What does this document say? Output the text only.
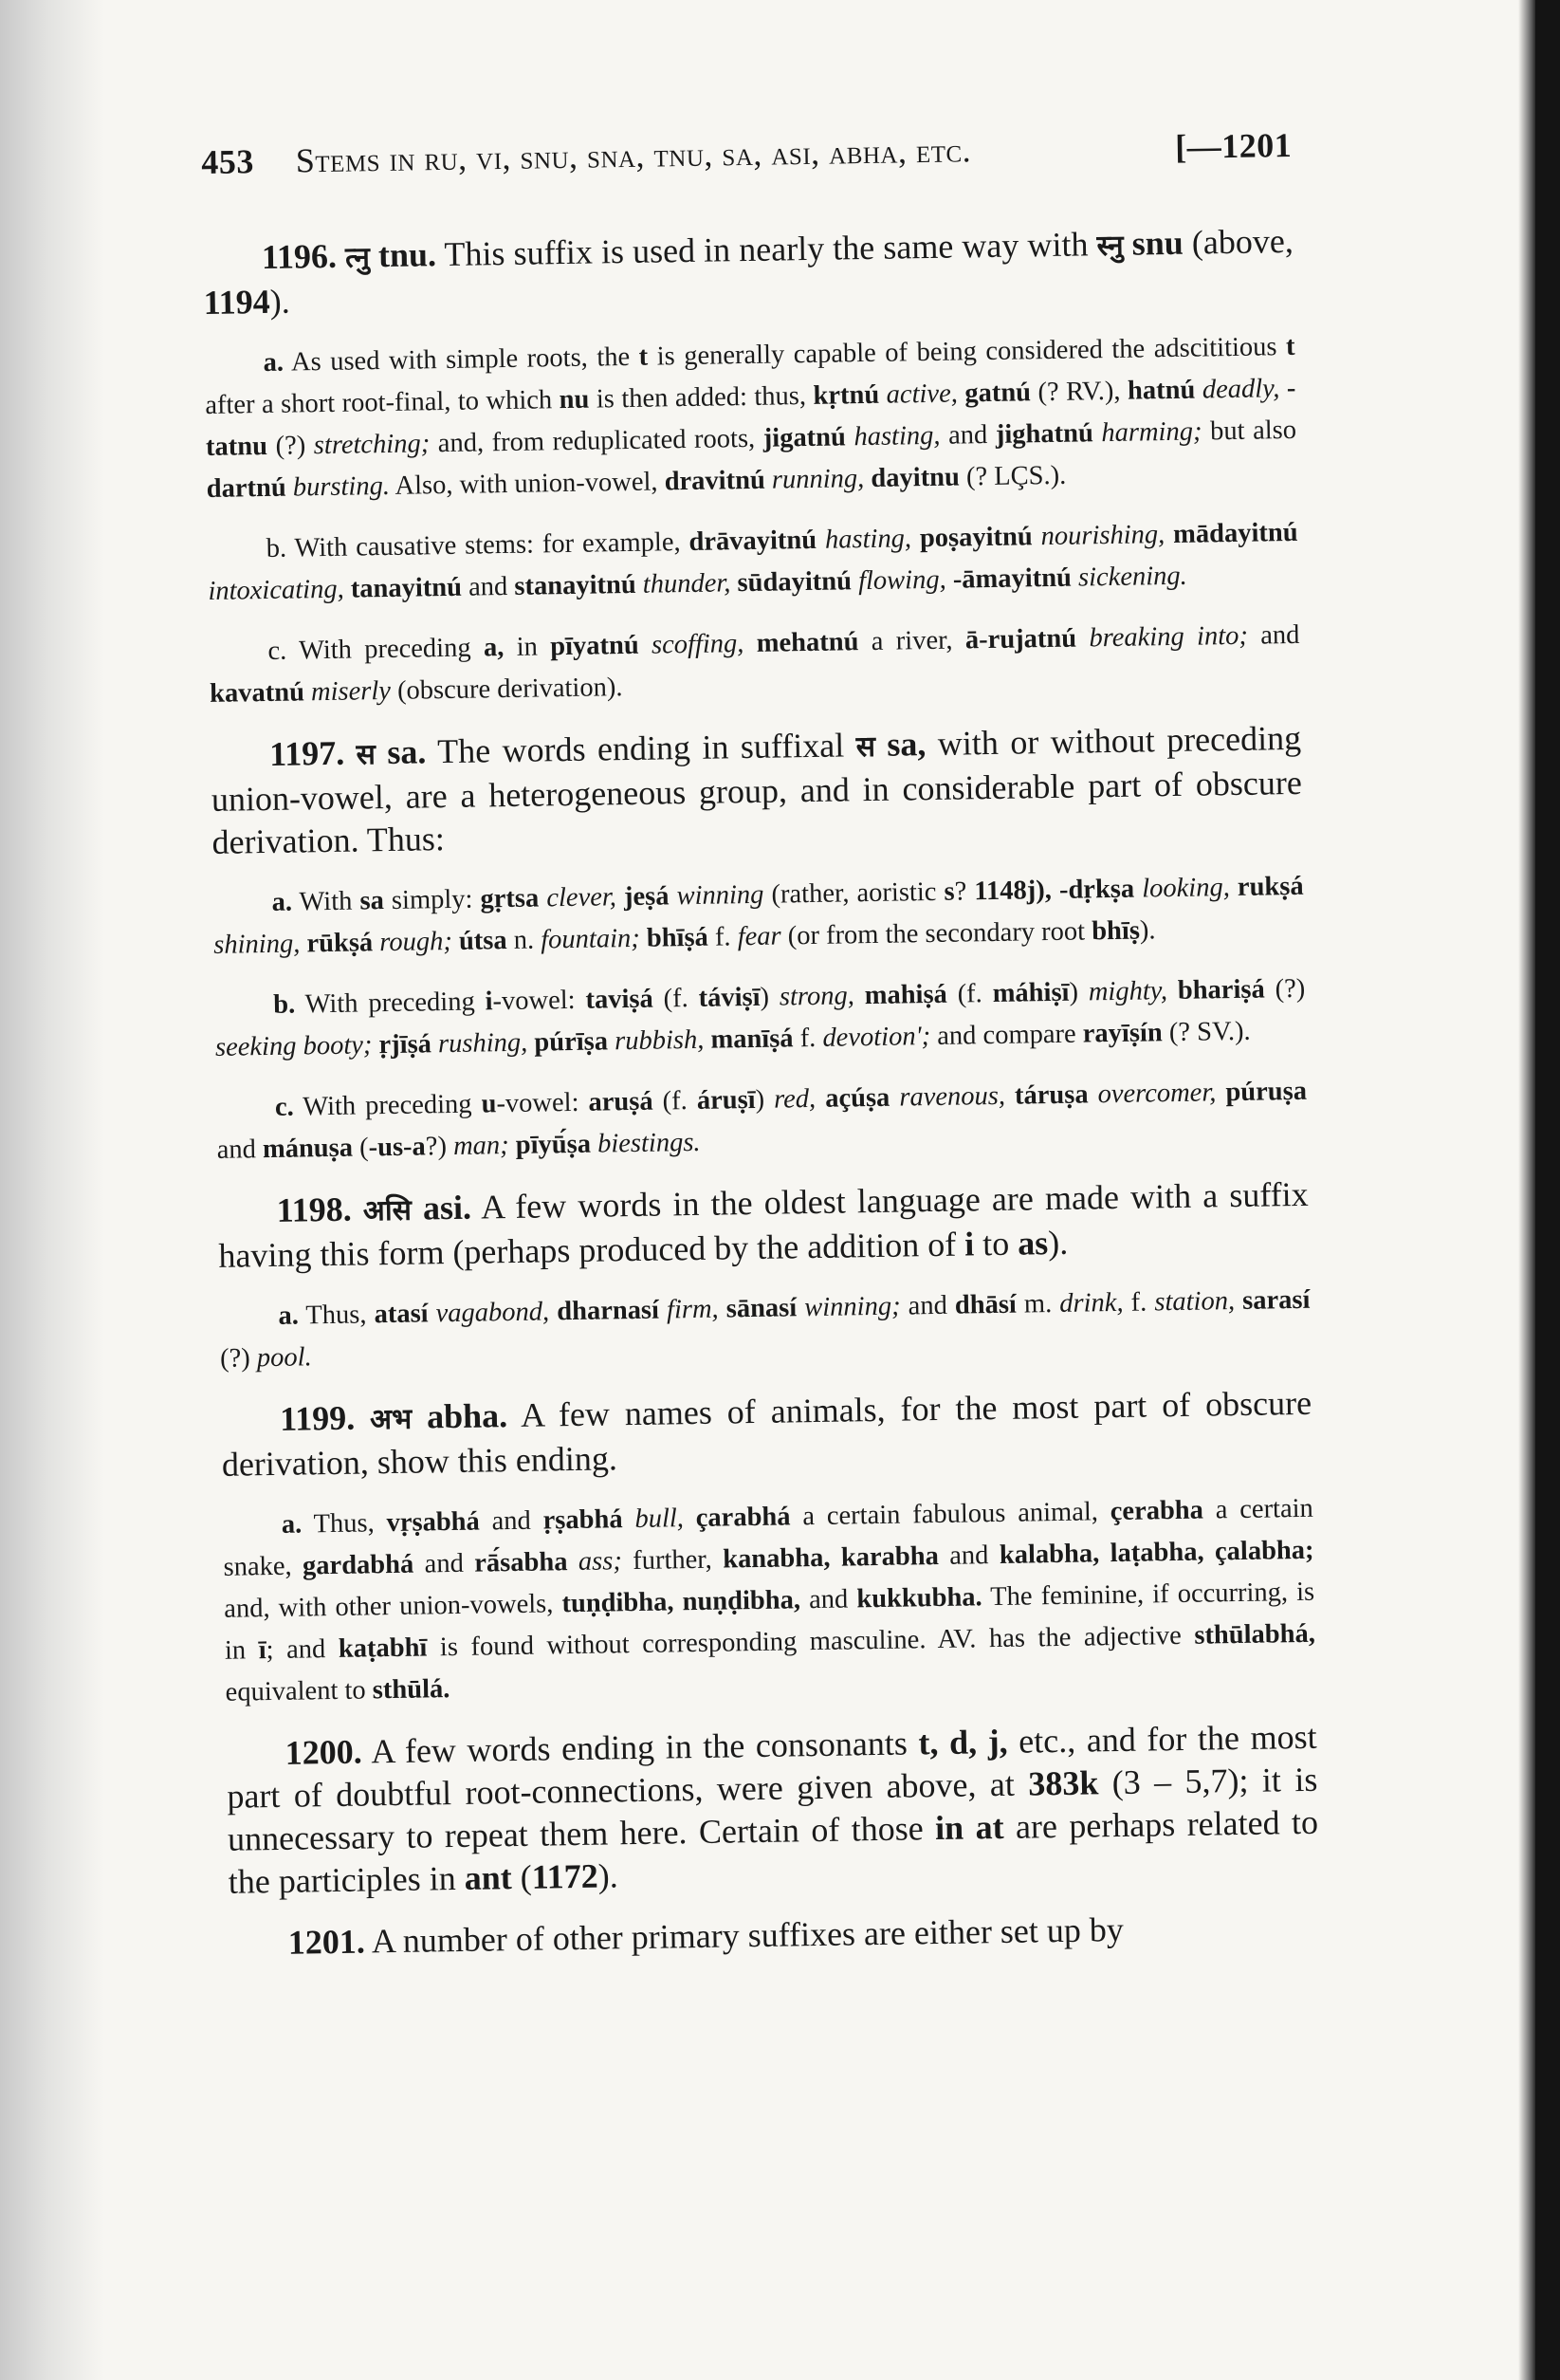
453 Stems in ru, vi, snu, sna, tnu, sa, asi, abha, etc.	[—1201

1196. त्नु tnu. This suffix is used in nearly the same way with स्नु snu (above, 1194).

a. As used with simple roots, the t is generally capable of being considered the adscititious t after a short root-final, to which nu is then added: thus, kṛtnú active, gatnú (? RV.), hatnú deadly, -tatnu (?) stretching; and, from reduplicated roots, jigatnú hasting, and jighatnú harming; but also dartnú bursting. Also, with union-vowel, dravitnú running, dayitnu (? LÇS.).

b. With causative stems: for example, drāvayitnú hasting, poṣayitnú nourishing, mādayitnú intoxicating, tanayitnú and stanayitnú thunder, sūdayitnú flowing, -āmayitnú sickening.

c. With preceding a, in pīyatnú scoffing, mehatnú a river, ā-rujatnú breaking into; and kavatnú miserly (obscure derivation).

1197. स sa. The words ending in suffixal स sa, with or without preceding union-vowel, are a heterogeneous group, and in considerable part of obscure derivation. Thus:

a. With sa simply: gṛtsa clever, jeṣá winning (rather, aoristic s? 1148j), -dṛkṣa looking, rukṣá shining, rūkṣá rough; útsa n. fountain; bhīṣá f. fear (or from the secondary root bhīṣ).

b. With preceding i-vowel: taviṣá (f. táviṣī) strong, mahiṣá (f. máhiṣī) mighty, bhariṣá (?) seeking booty; ṛjīṣá rushing, púrīṣa rubbish, manīṣá f. devotion'; and compare rayīṣín (? SV.).

c. With preceding u-vowel: aruṣá (f. áruṣī) red, açúṣa ravenous, táruṣa overcomer, púruṣa and mánuṣa (-us-a?) man; pīyū́ṣa biestings.

1198. असि asi. A few words in the oldest language are made with a suffix having this form (perhaps produced by the addition of i to as).

a. Thus, atasí vagabond, dharnasí firm, sānasí winning; and dhāsí m. drink, f. station, sarasí (?) pool.

1199. अभ abha. A few names of animals, for the most part of obscure derivation, show this ending.

a. Thus, vṛṣabhá and ṛṣabhá bull, çarabhá a certain fabulous animal, çerabha a certain snake, gardabhá and rā́sabha ass; further, kanabha, karabha and kalabha, laṭabha, çalabha; and, with other union-vowels, tuṇḍibha, nuṇḍibha, and kukkubha. The feminine, if occurring, is in ī; and kaṭabhī is found without corresponding masculine. AV. has the adjective sthūlabhá, equivalent to sthūlá.

1200. A few words ending in the consonants t, d, j, etc., and for the most part of doubtful root-connections, were given above, at 383k (3 – 5,7); it is unnecessary to repeat them here. Certain of those in at are perhaps related to the participles in ant (1172).

1201. A number of other primary suffixes are either set up by
